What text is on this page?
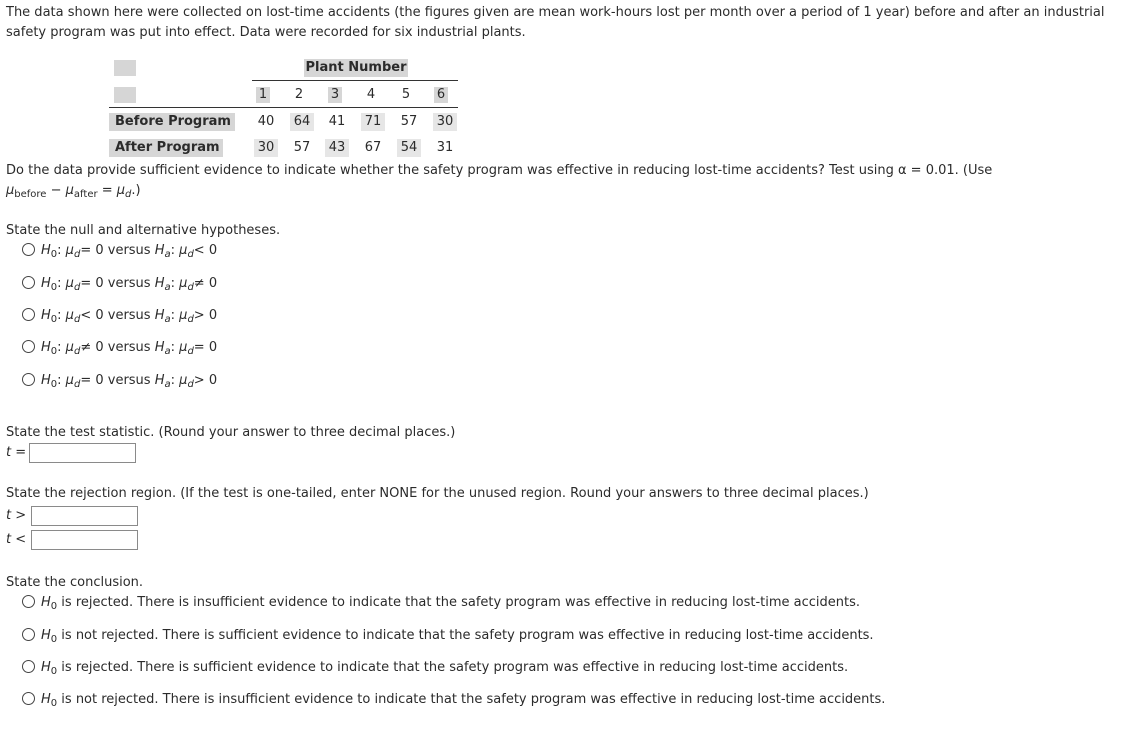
The data shown here were collected on lost-time accidents (the figures given are mean work-hours lost per month over a period of 1 year) before and after an industrial safety program was put into effect. Data were recorded for six industrial plants.
Plant Number
1 2 3 4 5 6
Before Program	40 64 41 71 57 30
After Program	30 57 43 67 54 31
Do the data provide sufficient evidence to indicate whether the safety program was effective in reducing lost-time accidents? Test using α = 0.01. (Use
$\mu_{before} - \mu_{after} = \mu_d$.)
State the null and alternative hypotheses.
$H_0$: $\mu_d= 0$ versus $H_a$: $\mu_d< 0$
$H_0$: $\mu_d= 0$ versus $H_a$: $\mu_d\ne 0$
$H_0$: $\mu_d< 0$ versus $H_a$: $\mu_d> 0$
$H_0$: $\mu_d\ne 0$ versus $H_a$: $\mu_d= 0$
$H_0$: $\mu_d= 0$ versus $H_a$: $\mu_d> 0$
State the test statistic. (Round your answer to three decimal places.)
t =
State the rejection region. (If the test is one-tailed, enter NONE for the unused region. Round your answers to three decimal places.)
t >
t <
State the conclusion.
$H_0$ is rejected. There is insufficient evidence to indicate that the safety program was effective in reducing lost-time accidents.
$H_0$ is not rejected. There is sufficient evidence to indicate that the safety program was effective in reducing lost-time accidents.
$H_0$ is rejected. There is sufficient evidence to indicate that the safety program was effective in reducing lost-time accidents.
$H_0$ is not rejected. There is insufficient evidence to indicate that the safety program was effective in reducing lost-time accidents.
